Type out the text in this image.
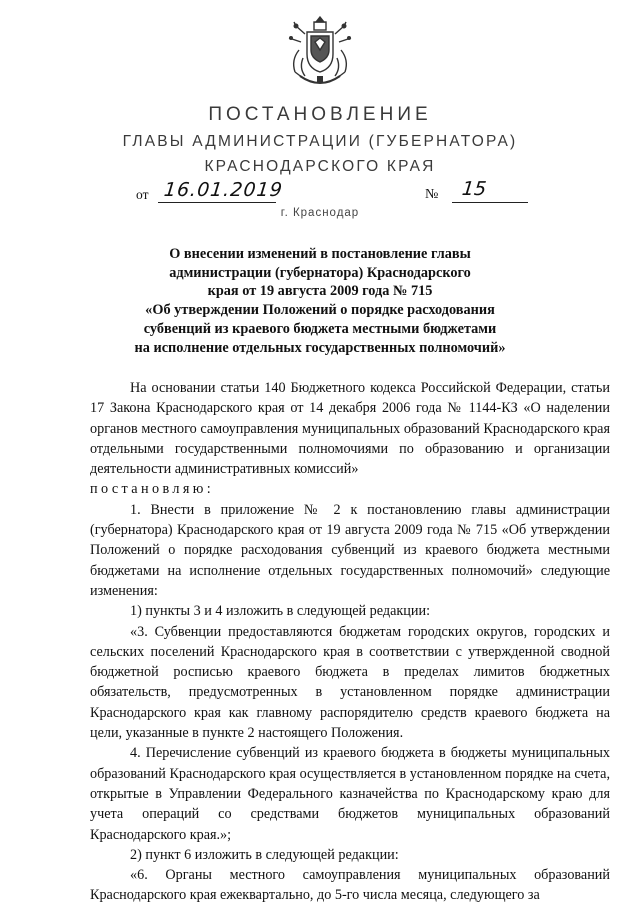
ПОСТАНОВЛЕНИЕ
ГЛАВЫ АДМИНИСТРАЦИИ (ГУБЕРНАТОРА)
КРАСНОДАРСКОГО КРАЯ
от 16.01.2019	№ 15
г. Краснодар
О внесении изменений в постановление главы
администрации (губернатора) Краснодарского
края от 19 августа 2009 года № 715
«Об утверждении Положений о порядке расходования
субвенций из краевого бюджета местными бюджетами
на исполнение отдельных государственных полномочий»

На основании статьи 140 Бюджетного кодекса Российской Федерации, статьи 17 Закона Краснодарского края от 14 декабря 2006 года № 1144-КЗ «О наделении органов местного самоуправления муниципальных образований Краснодарского края отдельными государственными полномочиями по образованию и организации деятельности административных комиссий»

постановляю:

1. Внести в приложение № 2 к постановлению главы администрации (губернатора) Краснодарского края от 19 августа 2009 года № 715 «Об утверждении Положений о порядке расходования субвенций из краевого бюджета местными бюджетами на исполнение отдельных государственных полномочий» следующие изменения:

1) пункты 3 и 4 изложить в следующей редакции:

«3. Субвенции предоставляются бюджетам городских округов, городских и сельских поселений Краснодарского края в соответствии с утвержденной сводной бюджетной росписью краевого бюджета в пределах лимитов бюджетных обязательств, предусмотренных в установленном порядке администрации Краснодарского края как главному распорядителю средств краевого бюджета на цели, указанные в пункте 2 настоящего Положения.

4. Перечисление субвенций из краевого бюджета в бюджеты муниципальных образований Краснодарского края осуществляется в установленном порядке на счета, открытые в Управлении Федерального казначейства по Краснодарскому краю для учета операций со средствами бюджетов муниципальных образований Краснодарского края.»;

2) пункт 6 изложить в следующей редакции:

«6. Органы местного самоуправления муниципальных образований Краснодарского края ежеквартально, до 5-го числа месяца, следующего за
